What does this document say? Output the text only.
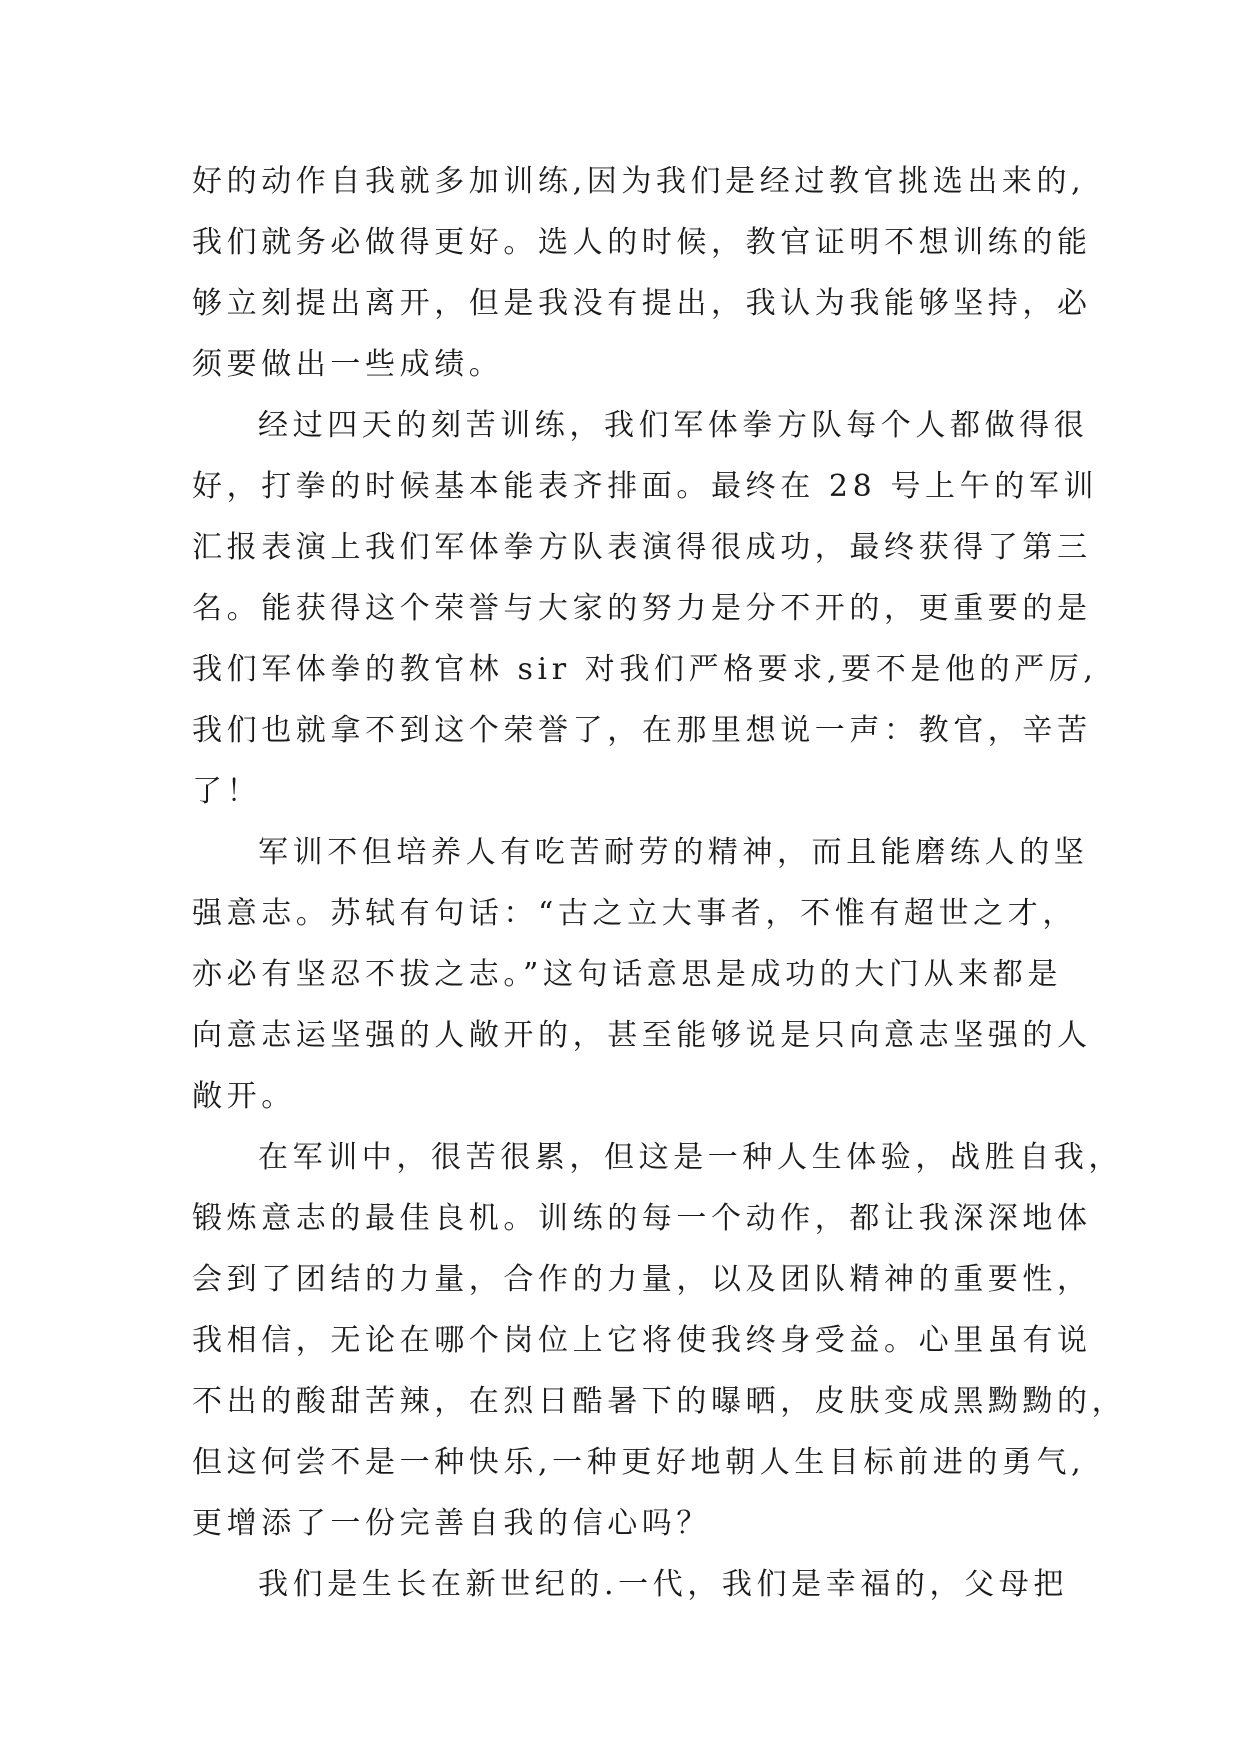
好的动作自我就多加训练,因为我们是经过教官挑选出来的,
我们就务必做得更好。选人的时候，教官证明不想训练的能
够立刻提出离开，但是我没有提出，我认为我能够坚持，必
须要做出一些成绩。
经过四天的刻苦训练，我们军体拳方队每个人都做得很
好，打拳的时候基本能表齐排面。最终在 28 号上午的军训
汇报表演上我们军体拳方队表演得很成功，最终获得了第三
名。能获得这个荣誉与大家的努力是分不开的，更重要的是
我们军体拳的教官林 sir 对我们严格要求,要不是他的严厉,
我们也就拿不到这个荣誉了，在那里想说一声：教官，辛苦
了！
军训不但培养人有吃苦耐劳的精神，而且能磨练人的坚
强意志。苏轼有句话：“古之立大事者，不惟有超世之才，
亦必有坚忍不拔之志。”这句话意思是成功的大门从来都是
向意志运坚强的人敞开的，甚至能够说是只向意志坚强的人
敞开。
在军训中，很苦很累，但这是一种人生体验，战胜自我，
锻炼意志的最佳良机。训练的每一个动作，都让我深深地体
会到了团结的力量，合作的力量，以及团队精神的重要性，
我相信，无论在哪个岗位上它将使我终身受益。心里虽有说
不出的酸甜苦辣，在烈日酷暑下的曝晒，皮肤变成黑黝黝的，
但这何尝不是一种快乐,一种更好地朝人生目标前进的勇气,
更增添了一份完善自我的信心吗？
我们是生长在新世纪的.一代，我们是幸福的，父母把
